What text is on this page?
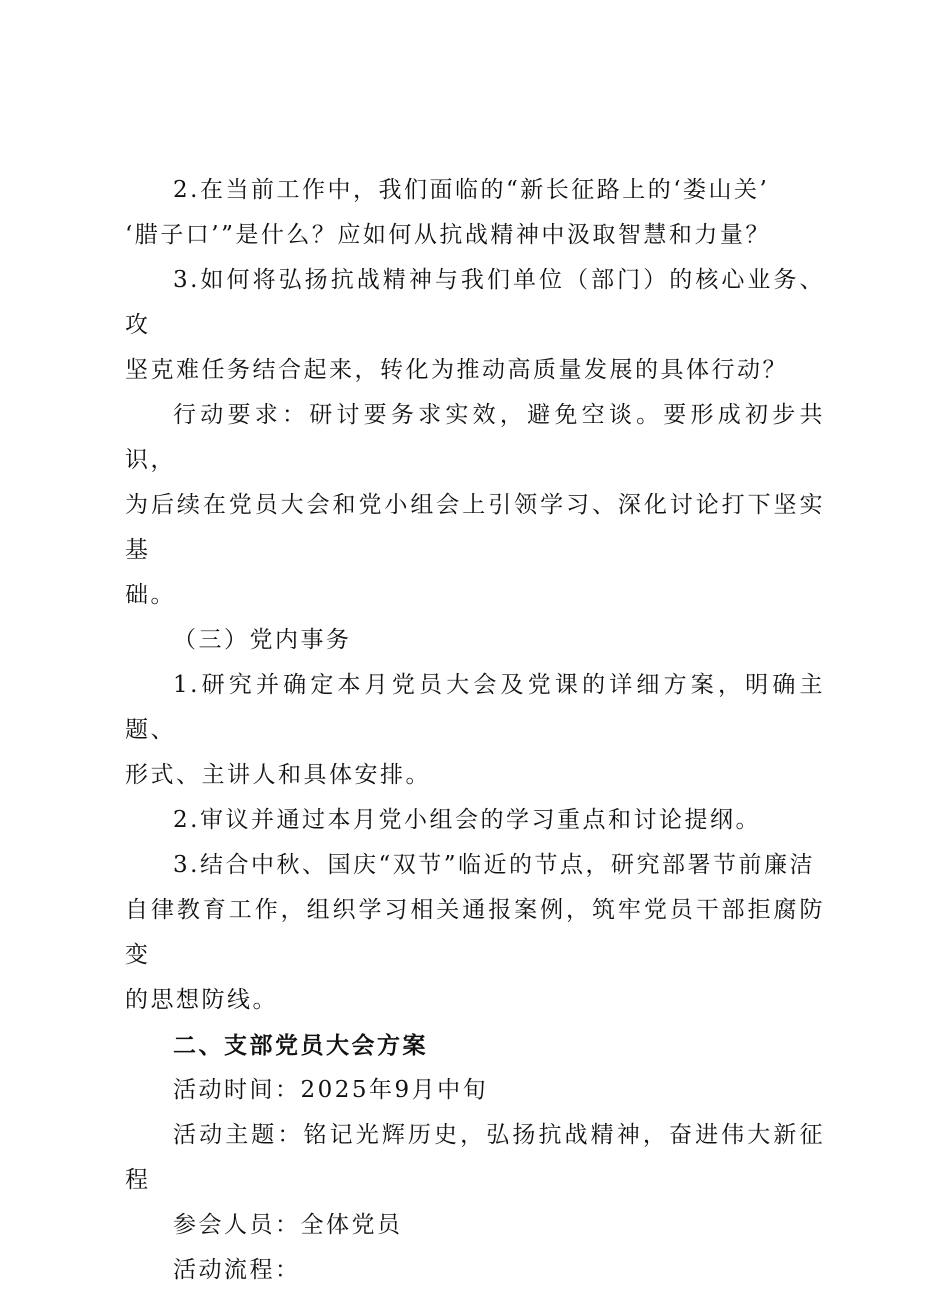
2.在当前工作中，我们面临的“新长征路上的‘娄山关’

‘腊子口’”是什么？应如何从抗战精神中汲取智慧和力量？

3.如何将弘扬抗战精神与我们单位（部门）的核心业务、攻

坚克难任务结合起来，转化为推动高质量发展的具体行动？

行动要求：研讨要务求实效，避免空谈。要形成初步共识，

为后续在党员大会和党小组会上引领学习、深化讨论打下坚实基
础。

（三）党内事务

1.研究并确定本月党员大会及党课的详细方案，明确主题、

形式、主讲人和具体安排。

2.审议并通过本月党小组会的学习重点和讨论提纲。

3.结合中秋、国庆“双节”临近的节点，研究部署节前廉洁

自律教育工作，组织学习相关通报案例，筑牢党员干部拒腐防变
的思想防线。

二、支部党员大会方案

活动时间：2025年9月中旬

活动主题：铭记光辉历史，弘扬抗战精神，奋进伟大新征程

参会人员：全体党员

活动流程：
